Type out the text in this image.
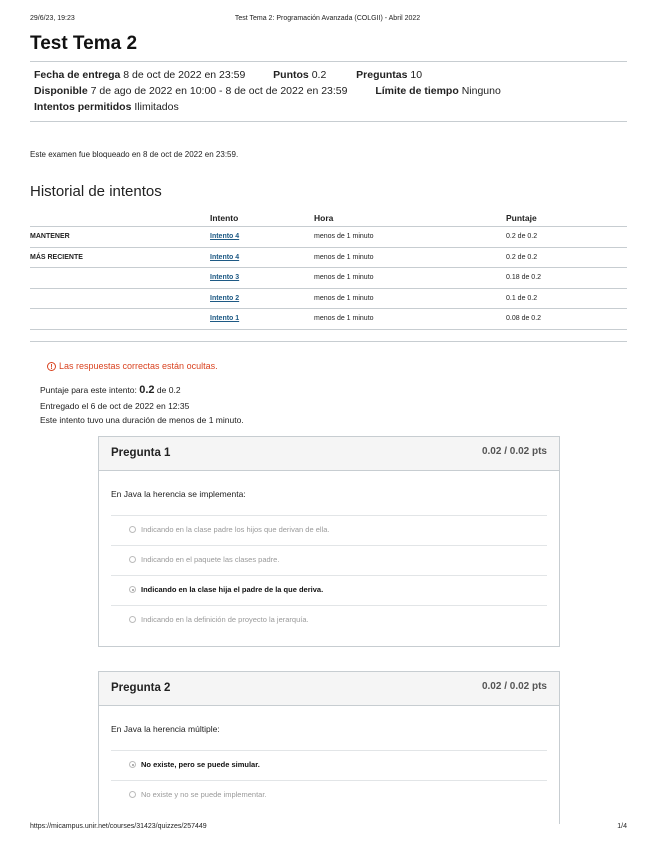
29/6/23, 19:23	Test Tema 2: Programación Avanzada (COLGII) - Abril 2022
Test Tema 2
Fecha de entrega 8 de oct de 2022 en 23:59	Puntos 0.2	Preguntas 10
Disponible 7 de ago de 2022 en 10:00 - 8 de oct de 2022 en 23:59	Límite de tiempo Ninguno
Intentos permitidos Ilimitados
Este examen fue bloqueado en 8 de oct de 2022 en 23:59.
Historial de intentos
	Intento	Hora	Puntaje
MANTENER	Intento 4	menos de 1 minuto	0.2 de 0.2
MÁS RECIENTE	Intento 4	menos de 1 minuto	0.2 de 0.2
	Intento 3	menos de 1 minuto	0.18 de 0.2
	Intento 2	menos de 1 minuto	0.1 de 0.2
	Intento 1	menos de 1 minuto	0.08 de 0.2
! Las respuestas correctas están ocultas.
Puntaje para este intento: 0.2 de 0.2
Entregado el 6 de oct de 2022 en 12:35
Este intento tuvo una duración de menos de 1 minuto.
Pregunta 1	0.02 / 0.02 pts
En Java la herencia se implementa:
Indicando en la clase padre los hijos que derivan de ella.
Indicando en el paquete las clases padre.
Indicando en la clase hija el padre de la que deriva.
Indicando en la definición de proyecto la jerarquía.
Pregunta 2	0.02 / 0.02 pts
En Java la herencia múltiple:
No existe, pero se puede simular.
No existe y no se puede implementar.
https://micampus.unir.net/courses/31423/quizzes/257449	1/4
